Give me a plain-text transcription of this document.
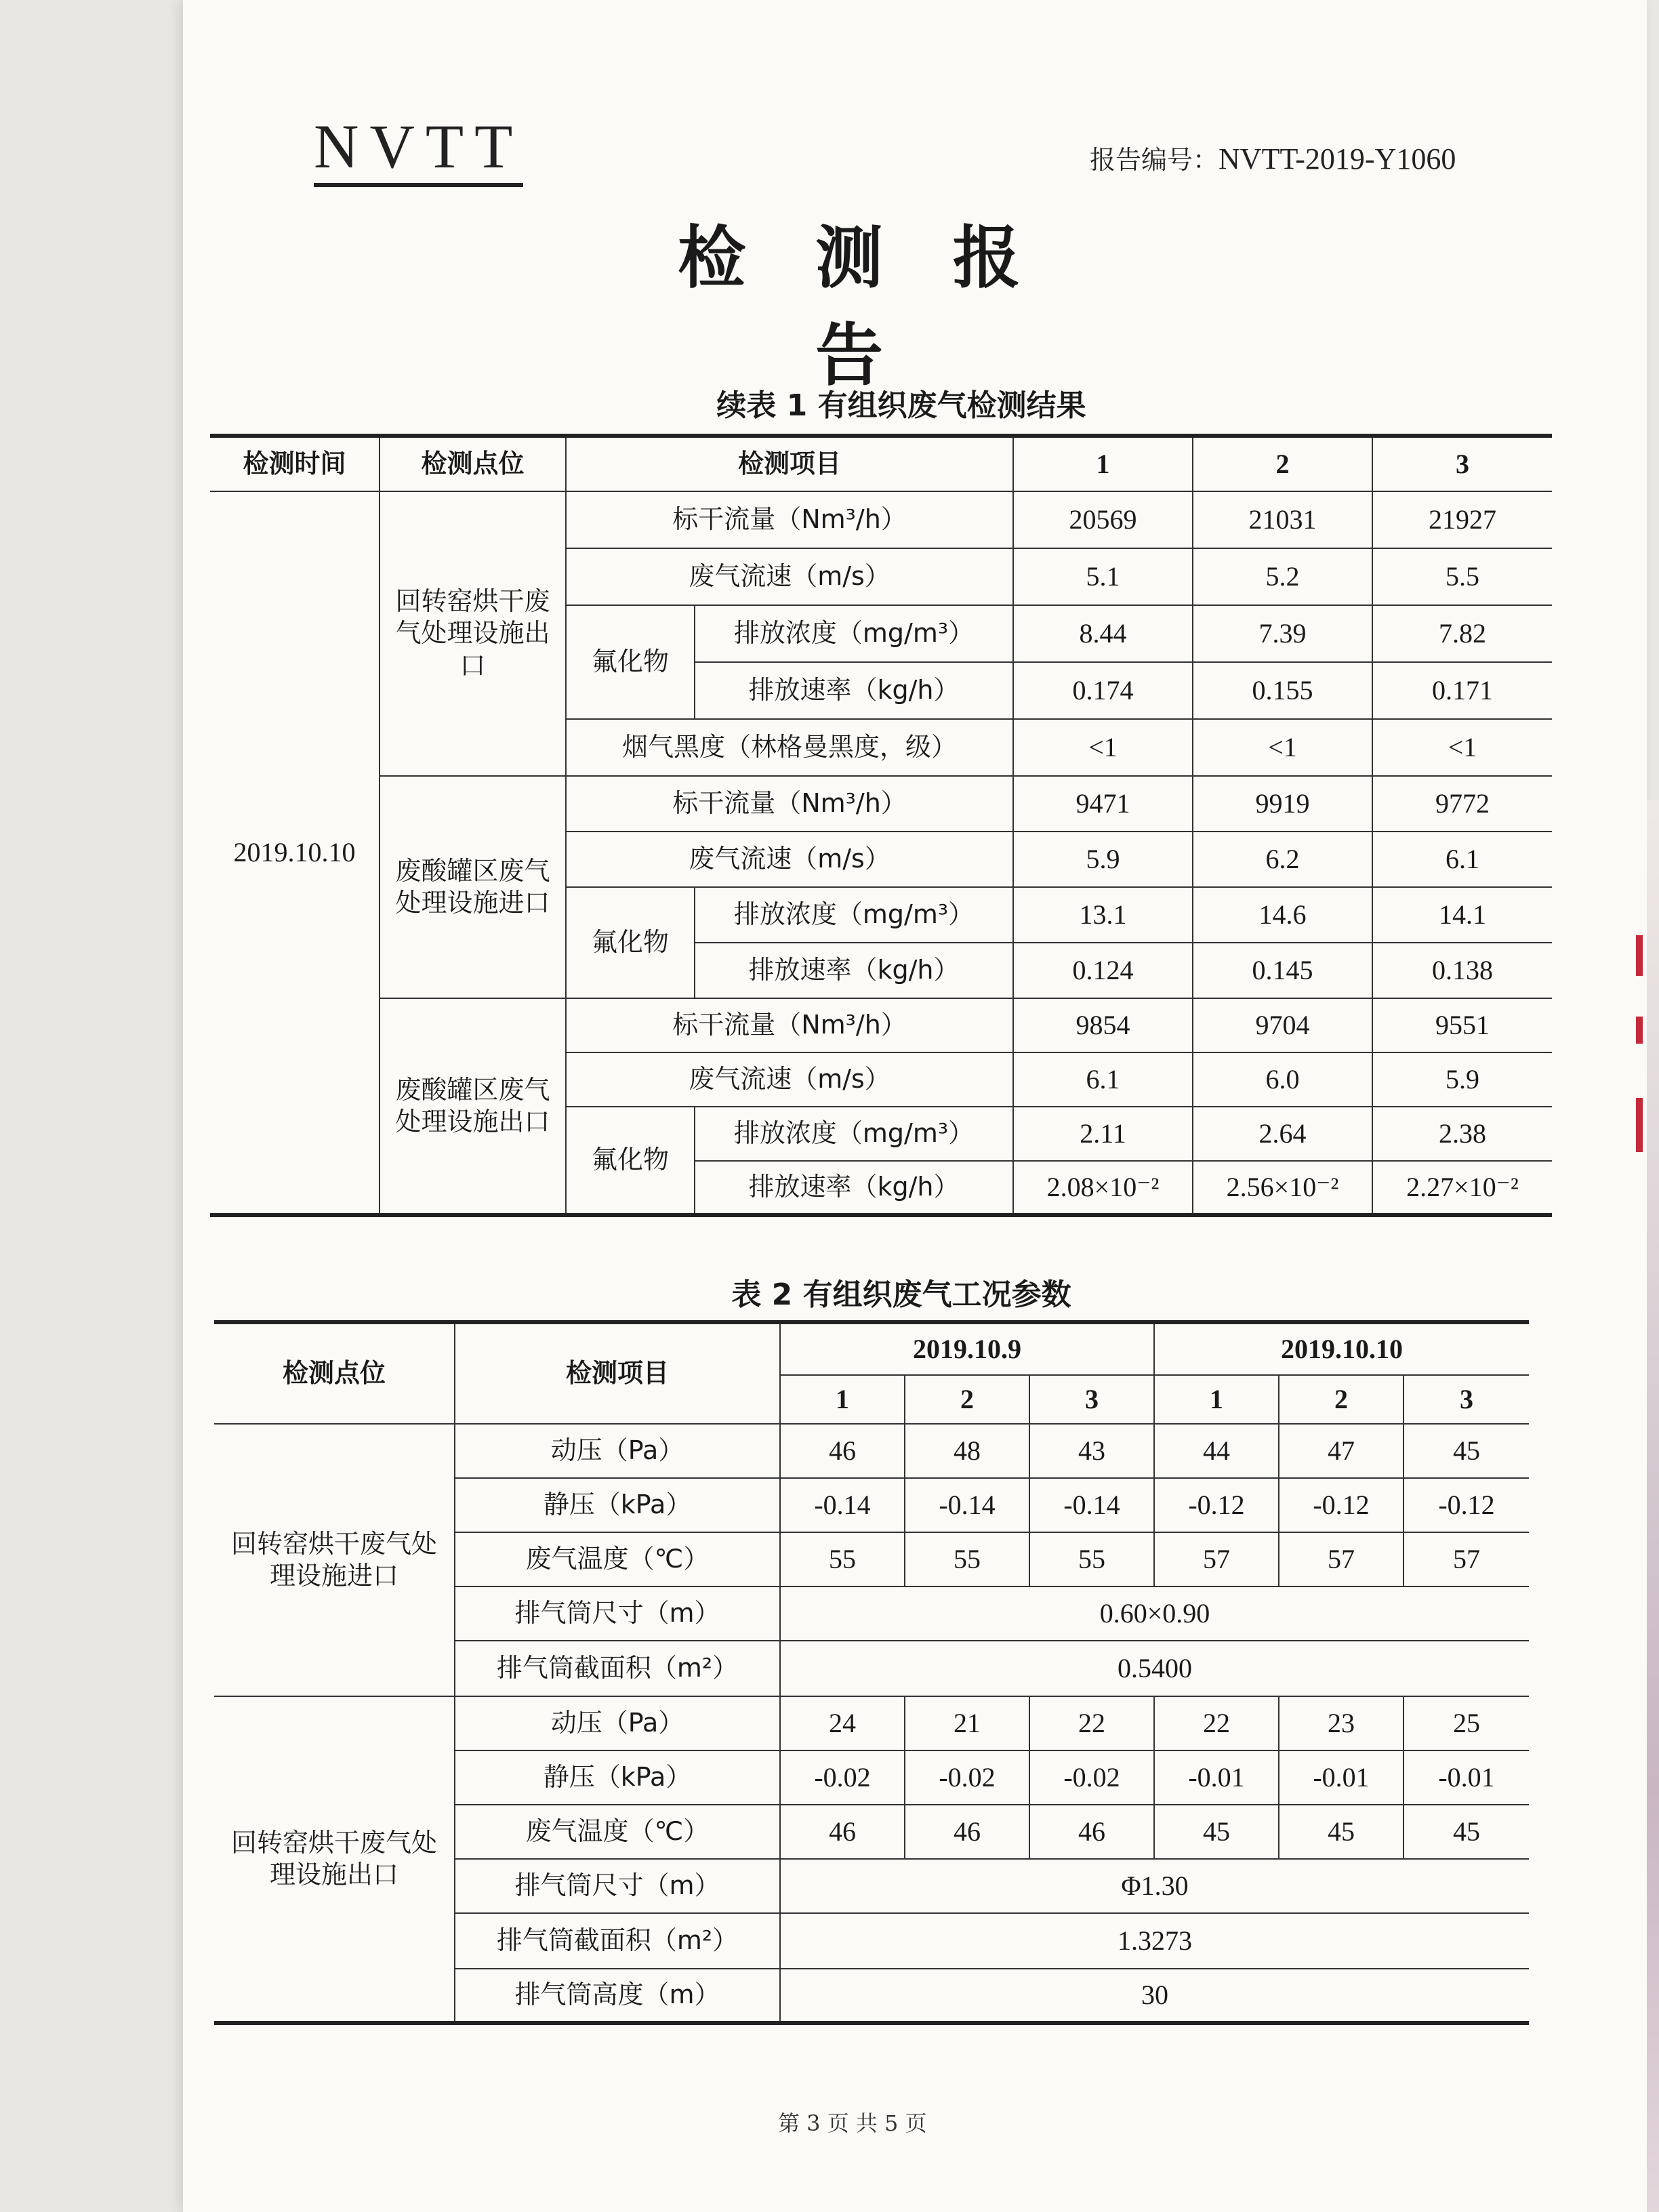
NVTT	报告编号：NVTT-2019-Y1060
检 测 报 告
续表 1 有组织废气检测结果
检测时间	检测点位	检测项目		1	2	3
2019.10.10	回转窑烘干废气处理设施出口	标干流量（Nm³/h）		20569	21031	21927
		废气流速（m/s）		5.1	5.2	5.5
		氟化物	排放浓度（mg/m³）	8.44	7.39	7.82
			排放速率（kg/h）	0.174	0.155	0.171
		烟气黑度（林格曼黑度，级）		<1	<1	<1
	废酸罐区废气处理设施进口	标干流量（Nm³/h）		9471	9919	9772
		废气流速（m/s）		5.9	6.2	6.1
		氟化物	排放浓度（mg/m³）	13.1	14.6	14.1
			排放速率（kg/h）	0.124	0.145	0.138
	废酸罐区废气处理设施出口	标干流量（Nm³/h）		9854	9704	9551
		废气流速（m/s）		6.1	6.0	5.9
		氟化物	排放浓度（mg/m³）	2.11	2.64	2.38
			排放速率（kg/h）	2.08×10⁻²	2.56×10⁻²	2.27×10⁻²
表 2 有组织废气工况参数
检测点位	检测项目	2019.10.9			2019.10.10		
		1	2	3	1	2	3
回转窑烘干废气处理设施进口	动压（Pa）	46	48	43	44	47	45
	静压（kPa）	-0.14	-0.14	-0.14	-0.12	-0.12	-0.12
	废气温度（℃）	55	55	55	57	57	57
	排气筒尺寸（m）	0.60×0.90					
	排气筒截面积（m²）	0.5400					
回转窑烘干废气处理设施出口	动压（Pa）	24	21	22	22	23	25
	静压（kPa）	-0.02	-0.02	-0.02	-0.01	-0.01	-0.01
	废气温度（℃）	46	46	46	45	45	45
	排气筒尺寸（m）	Φ1.30					
	排气筒截面积（m²）	1.3273					
	排气筒高度（m）	30					
第 3 页 共 5 页
